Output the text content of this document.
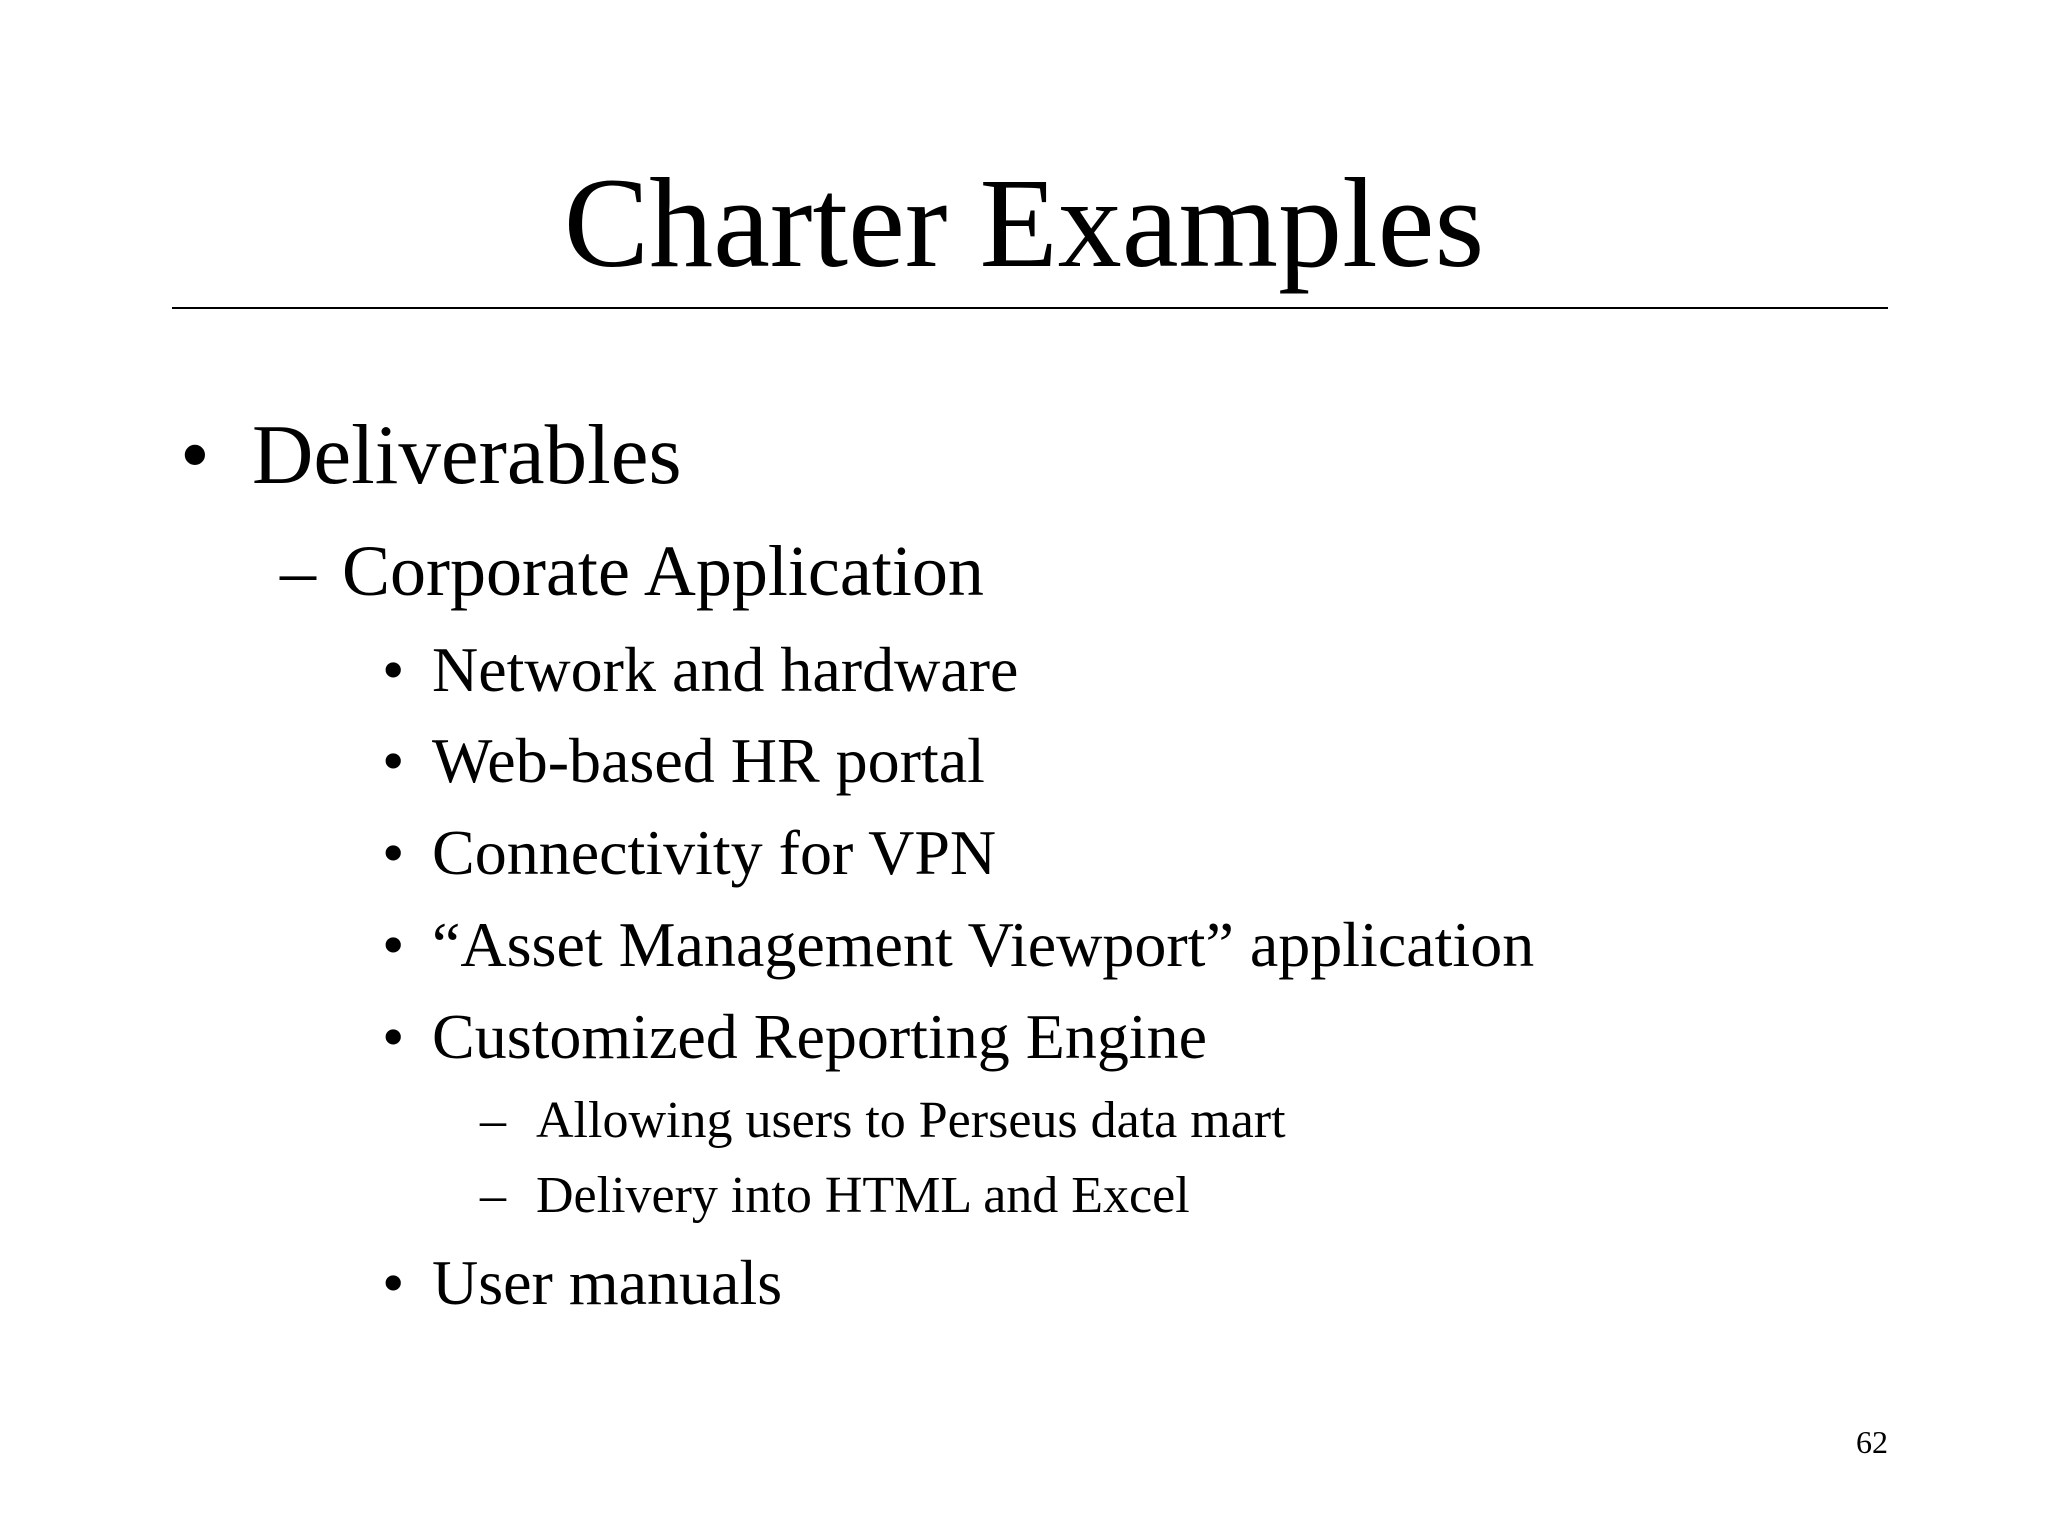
Charter Examples
• Deliverables
– Corporate Application
• Network and hardware
• Web-based HR portal
• Connectivity for VPN
• “Asset Management Viewport” application
• Customized Reporting Engine
– Allowing users to Perseus data mart
– Delivery into HTML and Excel
• User manuals
62
